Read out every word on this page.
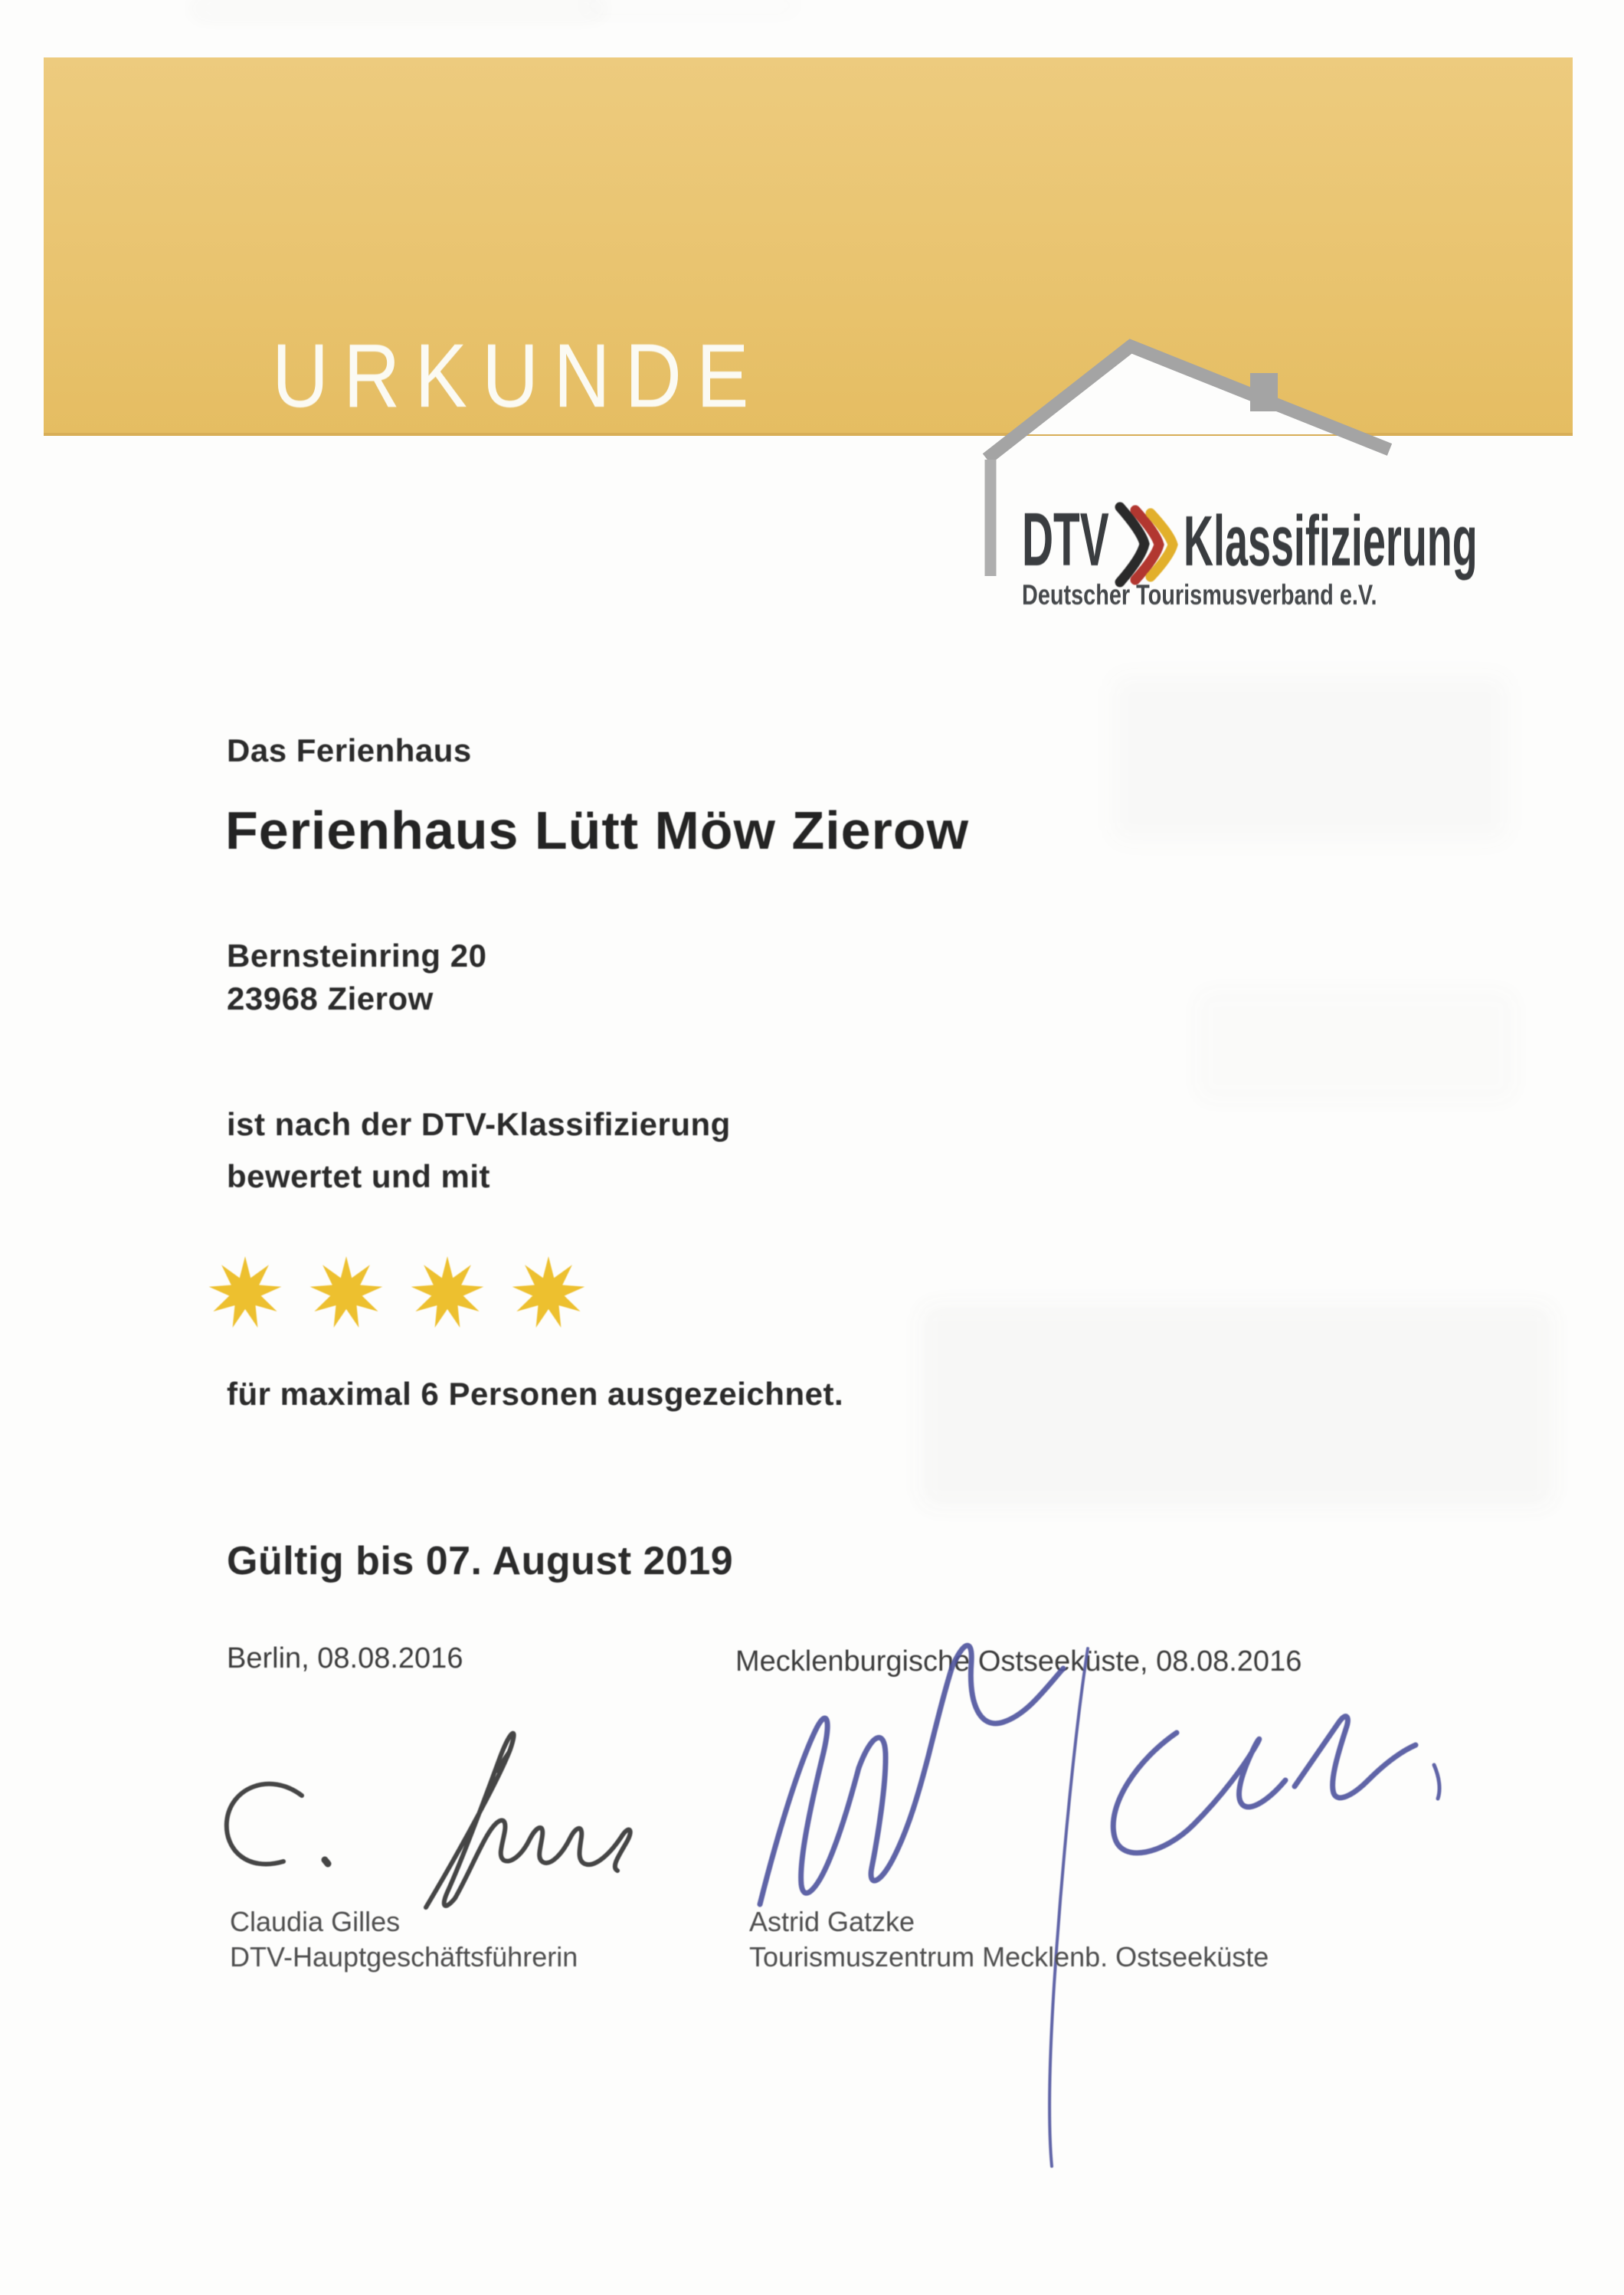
URKUNDE
DTV Klassifizierung
Deutscher Tourismusverband e.V.
Das Ferienhaus
Ferienhaus Lütt Möw Zierow
Bernsteinring 20
23968 Zierow
ist nach der DTV-Klassifizierung
bewertet und mit
für maximal 6 Personen ausgezeichnet.
Gültig bis 07. August 2019
Berlin, 08.08.2016	Mecklenburgische Ostseeküste, 08.08.2016
Claudia Gilles
DTV-Hauptgeschäftsführerin
Astrid Gatzke
Tourismuszentrum Mecklenb. Ostseeküste
